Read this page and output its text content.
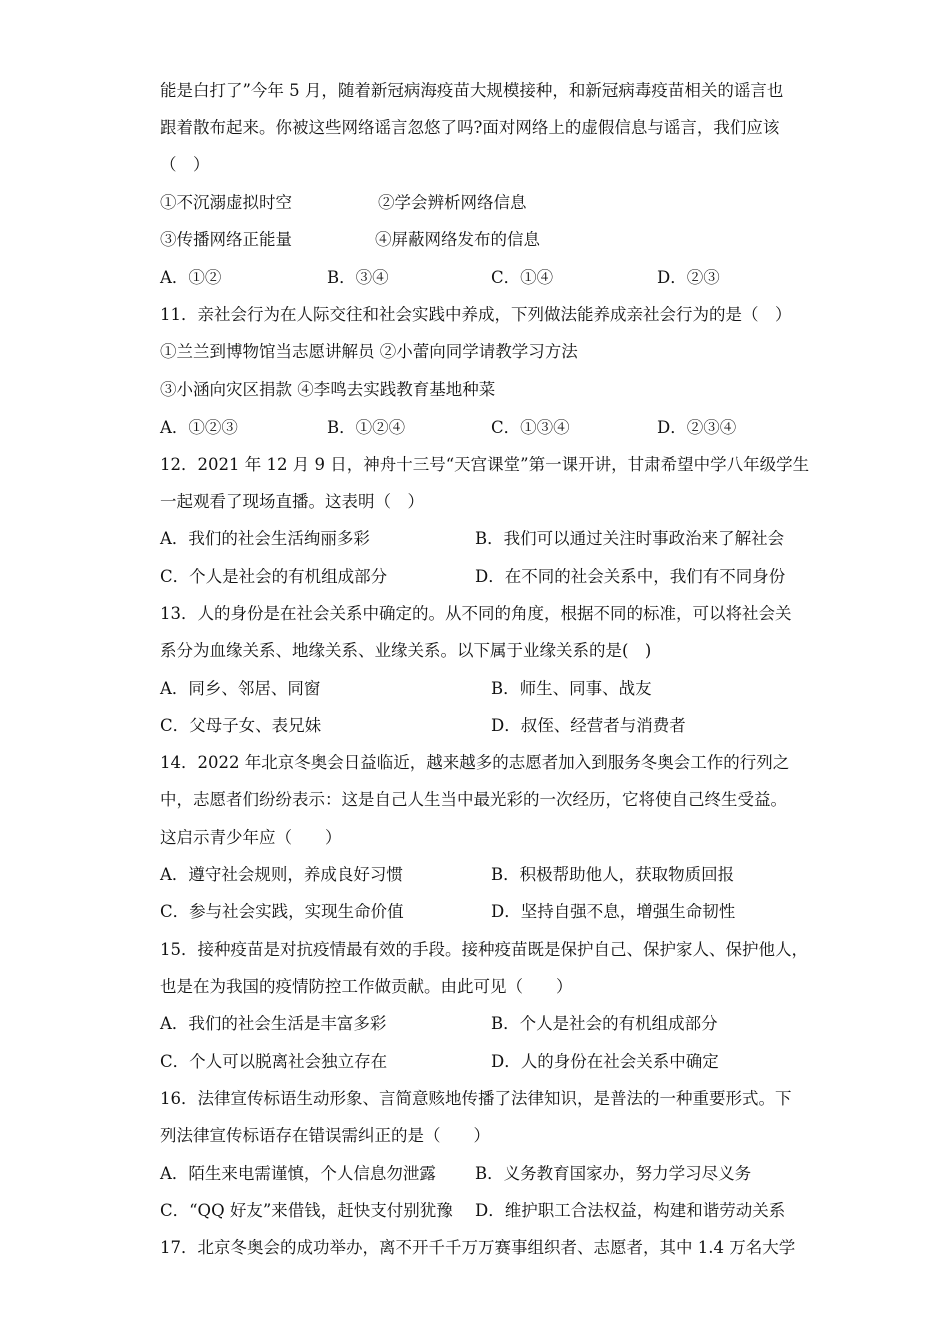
能是白打了”今年 5 月，随着新冠病海疫苗大规模接种，和新冠病毒疫苗相关的谣言也
跟着散布起来。你被这些网络谣言忽悠了吗?面对网络上的虚假信息与谣言，我们应该
（　）
①不沉溺虚拟时空	②学会辨析网络信息
③传播网络正能量	④屏蔽网络发布的信息
A．①②	B．③④	C．①④	D．②③
11．亲社会行为在人际交往和社会实践中养成，下列做法能养成亲社会行为的是（　）
①兰兰到博物馆当志愿讲解员 ②小蕾向同学请教学习方法
③小涵向灾区捐款 ④李鸣去实践教育基地种菜
A．①②③	B．①②④	C．①③④	D．②③④
12．2021 年 12 月 9 日，神舟十三号“天宫课堂”第一课开讲，甘肃希望中学八年级学生
一起观看了现场直播。这表明（　）
A．我们的社会生活绚丽多彩	B．我们可以通过关注时事政治来了解社会
C．个人是社会的有机组成部分	D．在不同的社会关系中，我们有不同身份
13．人的身份是在社会关系中确定的。从不同的角度，根据不同的标准，可以将社会关
系分为血缘关系、地缘关系、业缘关系。以下属于业缘关系的是(　)
A．同乡、邻居、同窗	B．师生、同事、战友
C．父母子女、表兄妹	D．叔侄、经营者与消费者
14．2022 年北京冬奥会日益临近，越来越多的志愿者加入到服务冬奥会工作的行列之
中，志愿者们纷纷表示：这是自己人生当中最光彩的一次经历，它将使自己终生受益。
这启示青少年应（　　）
A．遵守社会规则，养成良好习惯	B．积极帮助他人，获取物质回报
C．参与社会实践，实现生命价值	D．坚持自强不息，增强生命韧性
15．接种疫苗是对抗疫情最有效的手段。接种疫苗既是保护自己、保护家人、保护他人，
也是在为我国的疫情防控工作做贡献。由此可见（　　）
A．我们的社会生活是丰富多彩	B．个人是社会的有机组成部分
C．个人可以脱离社会独立存在	D．人的身份在社会关系中确定
16．法律宣传标语生动形象、言简意赅地传播了法律知识，是普法的一种重要形式。下
列法律宣传标语存在错误需纠正的是（　　）
A．陌生来电需谨慎，个人信息勿泄露 B．义务教育国家办，努力学习尽义务
C．“QQ 好友”来借钱，赶快支付别犹豫 D．维护职工合法权益，构建和谐劳动关系
17．北京冬奥会的成功举办，离不开千千万万赛事组织者、志愿者，其中 1.4 万名大学
